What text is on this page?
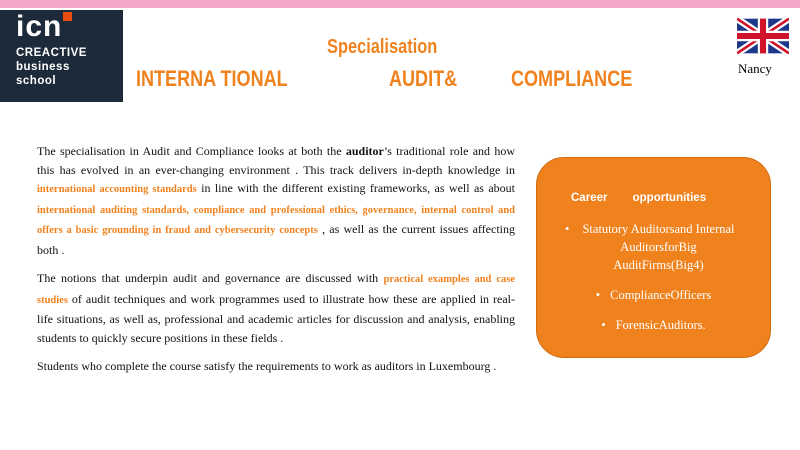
icn
CREACTIVE
business
school
Nancy
Specialisation
INTERNA TIONAL	AUDIT& COMPLIANCE

The specialisation in Audit and Compliance looks at both the auditor’s traditional role and how this has evolved in an ever-changing environment . This track delivers in-depth knowledge in international accounting standards in line with the different existing frameworks, as well as about international auditing standards, compliance and professional ethics, governance, internal control and offers a basic grounding in fraud and cybersecurity concepts , as well as the current issues affecting both .

The notions that underpin audit and governance are discussed with practical examples and case studies of audit techniques and work programmes used to illustrate how these are applied in real-life situations, as well as, professional and academic articles for discussion and analysis, enabling students to quickly secure positions in these fields .

Students who complete the course satisfy the requirements to work as auditors in Luxembourg .

Career opportunities
• Statutory Auditorsand Internal AuditorsforBig AuditFirms(Big4)
• ComplianceOfficers
• ForensicAuditors.
